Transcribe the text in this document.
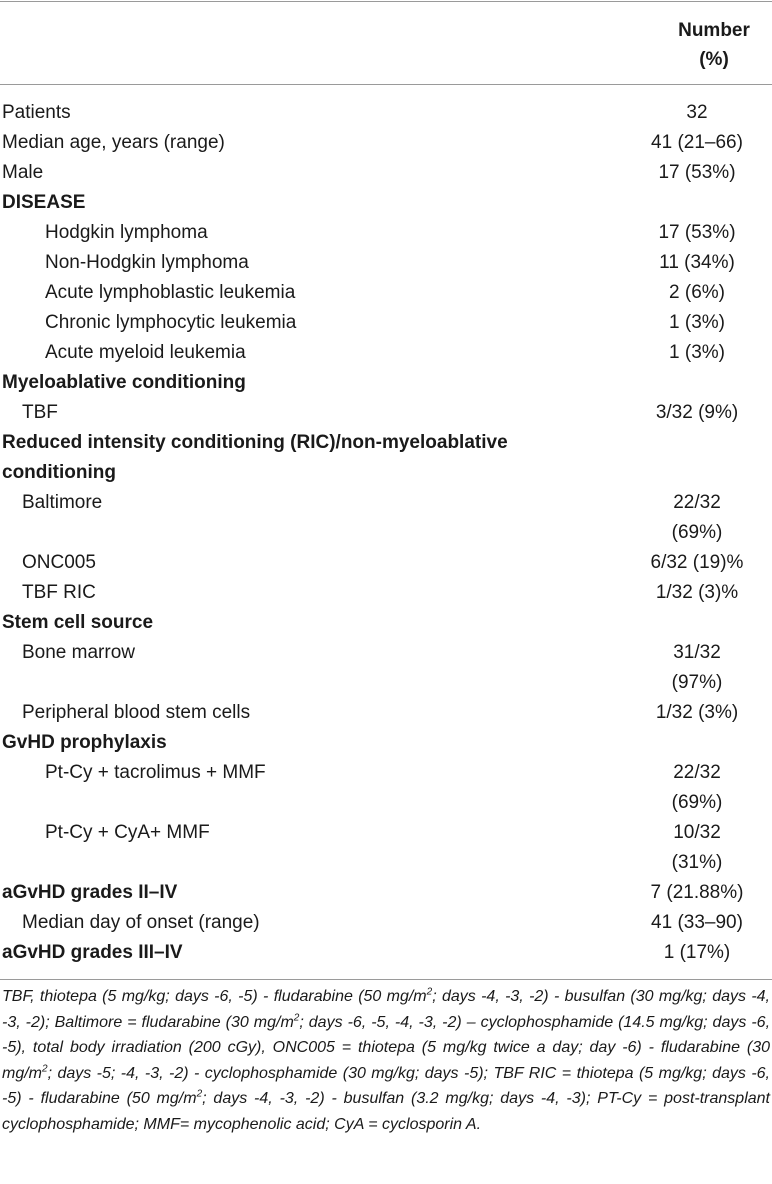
Number
(%)
Patients	32
Median age, years (range)	41 (21–66)
Male	17 (53%)
DISEASE
Hodgkin lymphoma	17 (53%)
Non-Hodgkin lymphoma	11 (34%)
Acute lymphoblastic leukemia	2 (6%)
Chronic lymphocytic leukemia	1 (3%)
Acute myeloid leukemia	1 (3%)
Myeloablative conditioning
TBF	3/32 (9%)
Reduced intensity conditioning (RIC)/non-myeloablative
conditioning
Baltimore	22/32
(69%)
ONC005	6/32 (19)%
TBF RIC	1/32 (3)%
Stem cell source
Bone marrow	31/32
(97%)
Peripheral blood stem cells	1/32 (3%)
GvHD prophylaxis
Pt-Cy + tacrolimus + MMF	22/32
(69%)
Pt-Cy + CyA+ MMF	10/32
(31%)
aGvHD grades II–IV	7 (21.88%)
Median day of onset (range)	41 (33–90)
aGvHD grades III–IV	1 (17%)
TBF, thiotepa (5 mg/kg; days -6, -5) - fludarabine (50 $mg/m^2$; days -4, -3, -2) - busulfan (30 mg/kg; days -4, -3, -2); Baltimore = fludarabine (30 $mg/m^2$; days -6, -5, -4, -3, -2) – cyclophosphamide (14.5 mg/kg; days -6, -5), total body irradiation (200 cGy), ONC005 = thiotepa (5 mg/kg twice a day; day -6) - fludarabine (30 $mg/m^2$; days -5; -4, -3, -2) - cyclophosphamide (30 mg/kg; days -5); TBF RIC = thiotepa (5 mg/kg; days -6, -5) - fludarabine (50 $mg/m^2$; days -4, -3, -2) - busulfan (3.2 mg/kg; days -4, -3); PT-Cy = post-transplant cyclophosphamide; MMF= mycophenolic acid; CyA = cyclosporin A.
